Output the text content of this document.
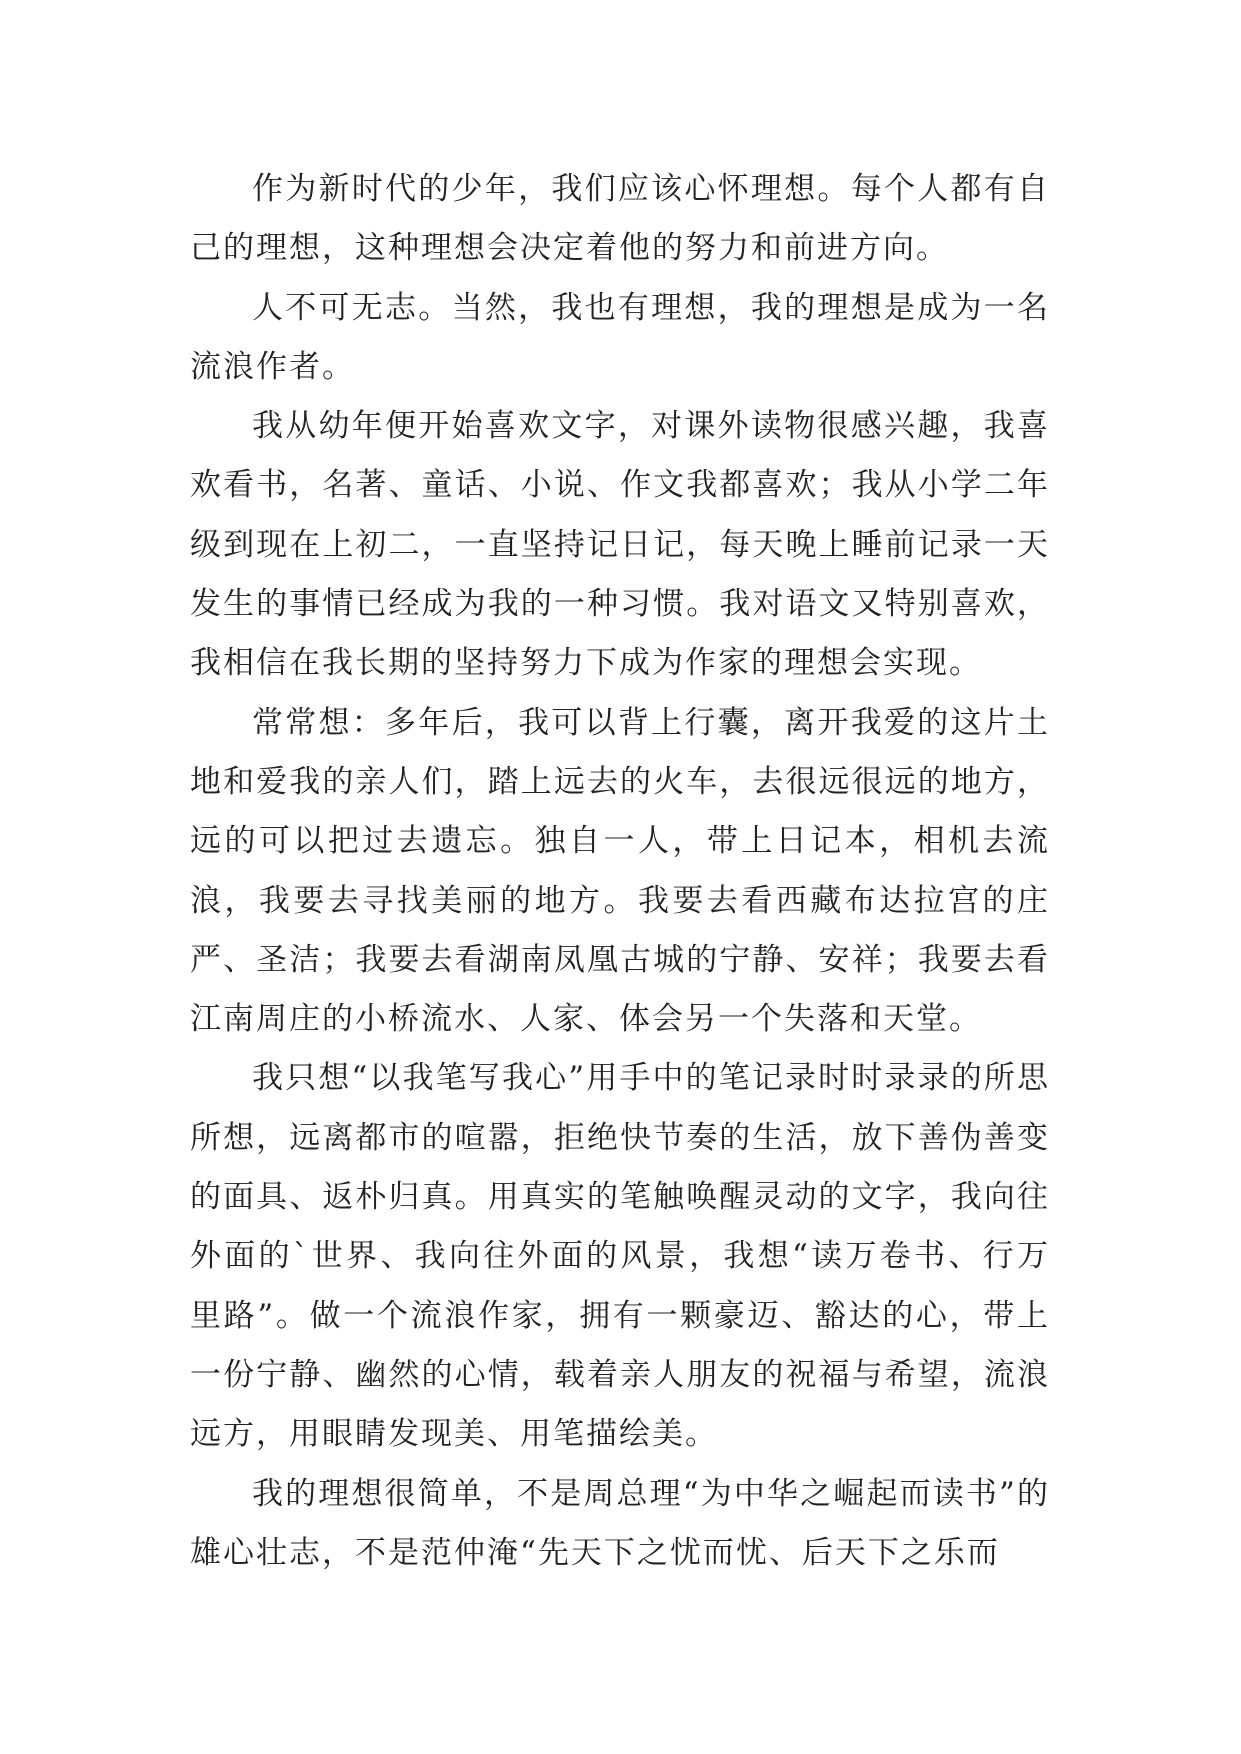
作为新时代的少年，我们应该心怀理想。每个人都有自己的理想，这种理想会决定着他的努力和前进方向。

人不可无志。当然，我也有理想，我的理想是成为一名流浪作者。

我从幼年便开始喜欢文字，对课外读物很感兴趣，我喜欢看书，名著、童话、小说、作文我都喜欢；我从小学二年级到现在上初二，一直坚持记日记，每天晚上睡前记录一天发生的事情已经成为我的一种习惯。我对语文又特别喜欢，我相信在我长期的坚持努力下成为作家的理想会实现。

常常想：多年后，我可以背上行囊，离开我爱的这片土地和爱我的亲人们，踏上远去的火车，去很远很远的地方，远的可以把过去遗忘。独自一人，带上日记本，相机去流浪，我要去寻找美丽的地方。我要去看西藏布达拉宫的庄严、圣洁；我要去看湖南凤凰古城的宁静、安祥；我要去看江南周庄的小桥流水、人家、体会另一个失落和天堂。

我只想“以我笔写我心”用手中的笔记录时时录录的所思所想，远离都市的喧嚣，拒绝快节奏的生活，放下善伪善变的面具、返朴归真。用真实的笔触唤醒灵动的文字，我向往外面的`世界、我向往外面的风景，我想“读万卷书、行万里路”。做一个流浪作家，拥有一颗豪迈、豁达的心，带上一份宁静、幽然的心情，载着亲人朋友的祝福与希望，流浪远方，用眼睛发现美、用笔描绘美。

我的理想很简单，不是周总理“为中华之崛起而读书”的雄心壮志，不是范仲淹“先天下之忧而忧、后天下之乐而
